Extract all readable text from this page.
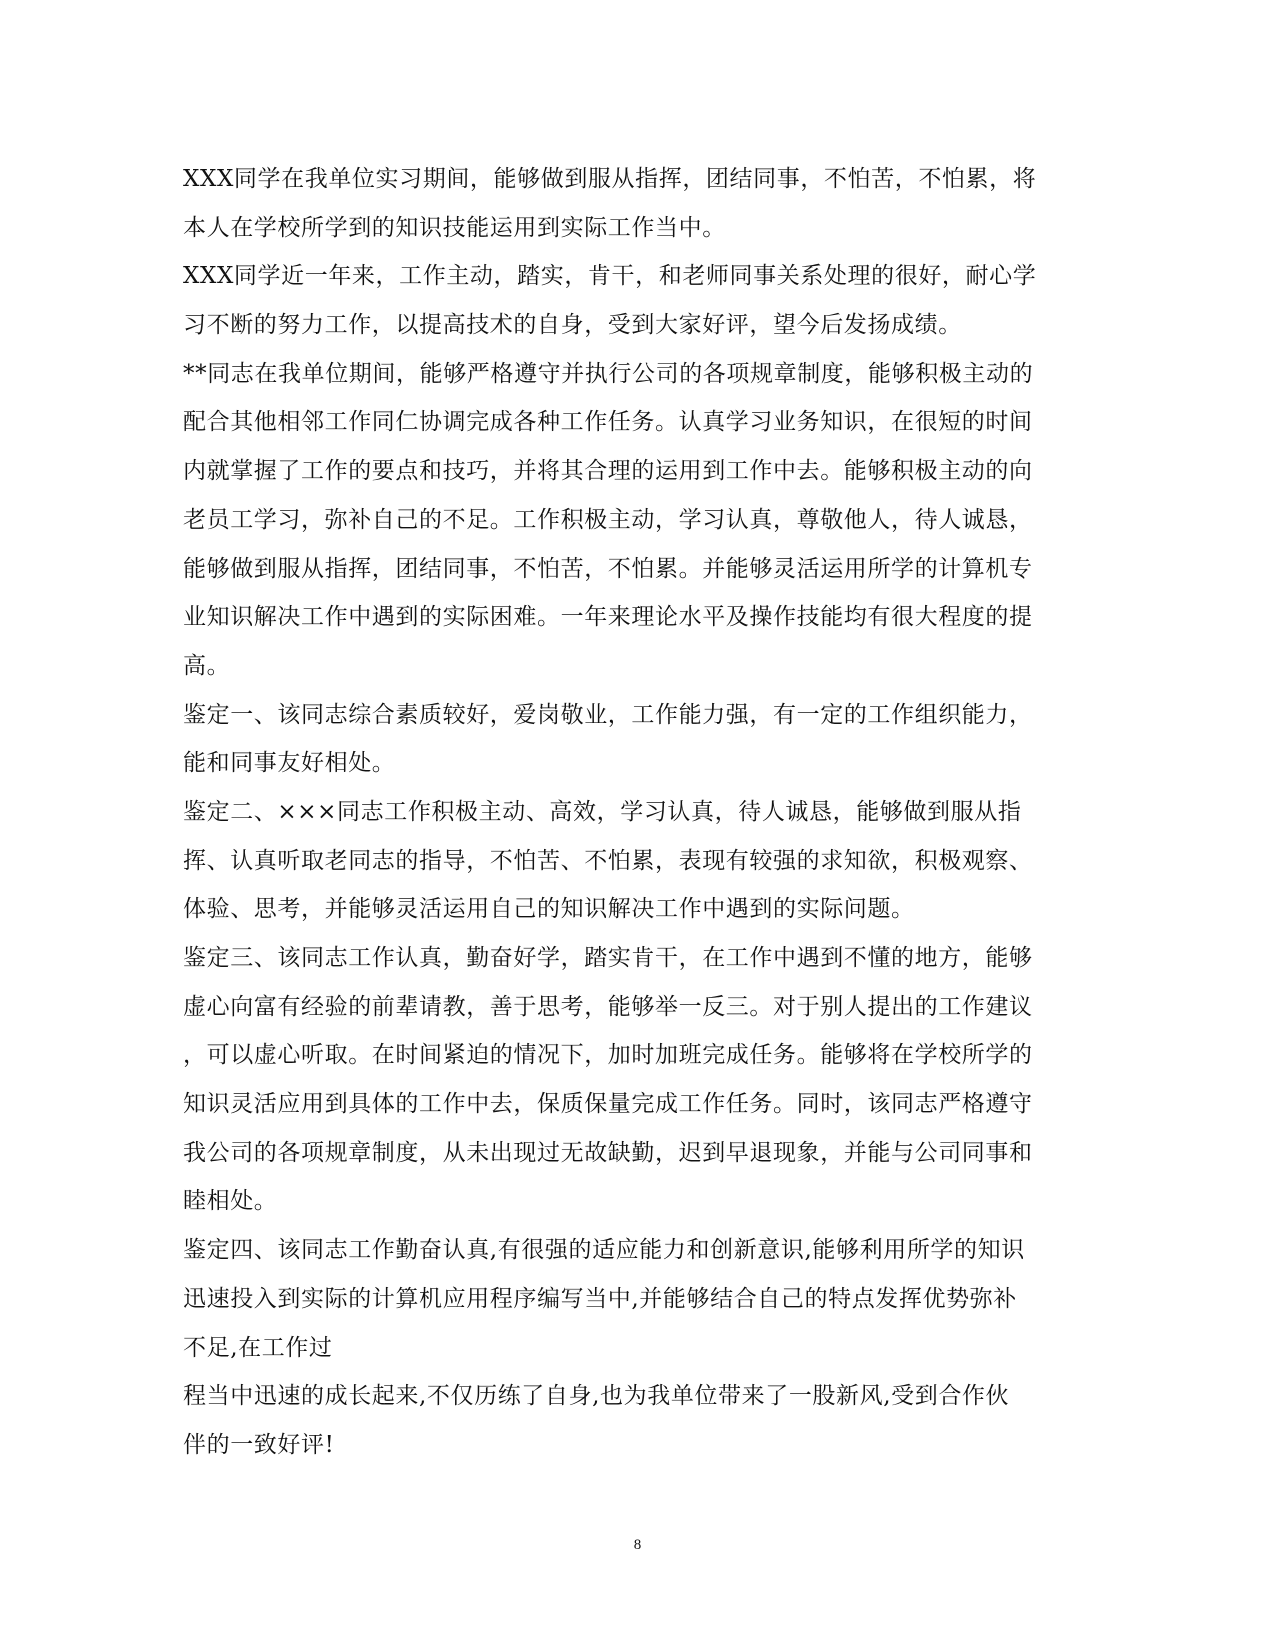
XXX同学在我单位实习期间，能够做到服从指挥，团结同事，不怕苦，不怕累，将
本人在学校所学到的知识技能运用到实际工作当中。
XXX同学近一年来，工作主动，踏实，肯干，和老师同事关系处理的很好，耐心学
习不断的努力工作，以提高技术的自身，受到大家好评，望今后发扬成绩。
**同志在我单位期间，能够严格遵守并执行公司的各项规章制度，能够积极主动的
配合其他相邻工作同仁协调完成各种工作任务。认真学习业务知识，在很短的时间
内就掌握了工作的要点和技巧，并将其合理的运用到工作中去。能够积极主动的向
老员工学习，弥补自己的不足。工作积极主动，学习认真，尊敬他人，待人诚恳，
能够做到服从指挥，团结同事，不怕苦，不怕累。并能够灵活运用所学的计算机专
业知识解决工作中遇到的实际困难。一年来理论水平及操作技能均有很大程度的提
高。
鉴定一、该同志综合素质较好，爱岗敬业，工作能力强，有一定的工作组织能力，
能和同事友好相处。
鉴定二、×××同志工作积极主动、高效，学习认真，待人诚恳，能够做到服从指
挥、认真听取老同志的指导，不怕苦、不怕累，表现有较强的求知欲，积极观察、
体验、思考，并能够灵活运用自己的知识解决工作中遇到的实际问题。
鉴定三、该同志工作认真，勤奋好学，踏实肯干，在工作中遇到不懂的地方，能够
虚心向富有经验的前辈请教，善于思考，能够举一反三。对于别人提出的工作建议
，可以虚心听取。在时间紧迫的情况下，加时加班完成任务。能够将在学校所学的
知识灵活应用到具体的工作中去，保质保量完成工作任务。同时，该同志严格遵守
我公司的各项规章制度，从未出现过无故缺勤，迟到早退现象，并能与公司同事和
睦相处。
鉴定四、该同志工作勤奋认真,有很强的适应能力和创新意识,能够利用所学的知识
迅速投入到实际的计算机应用程序编写当中,并能够结合自己的特点发挥优势弥补
不足,在工作过
程当中迅速的成长起来,不仅历练了自身,也为我单位带来了一股新风,受到合作伙
伴的一致好评!
8
